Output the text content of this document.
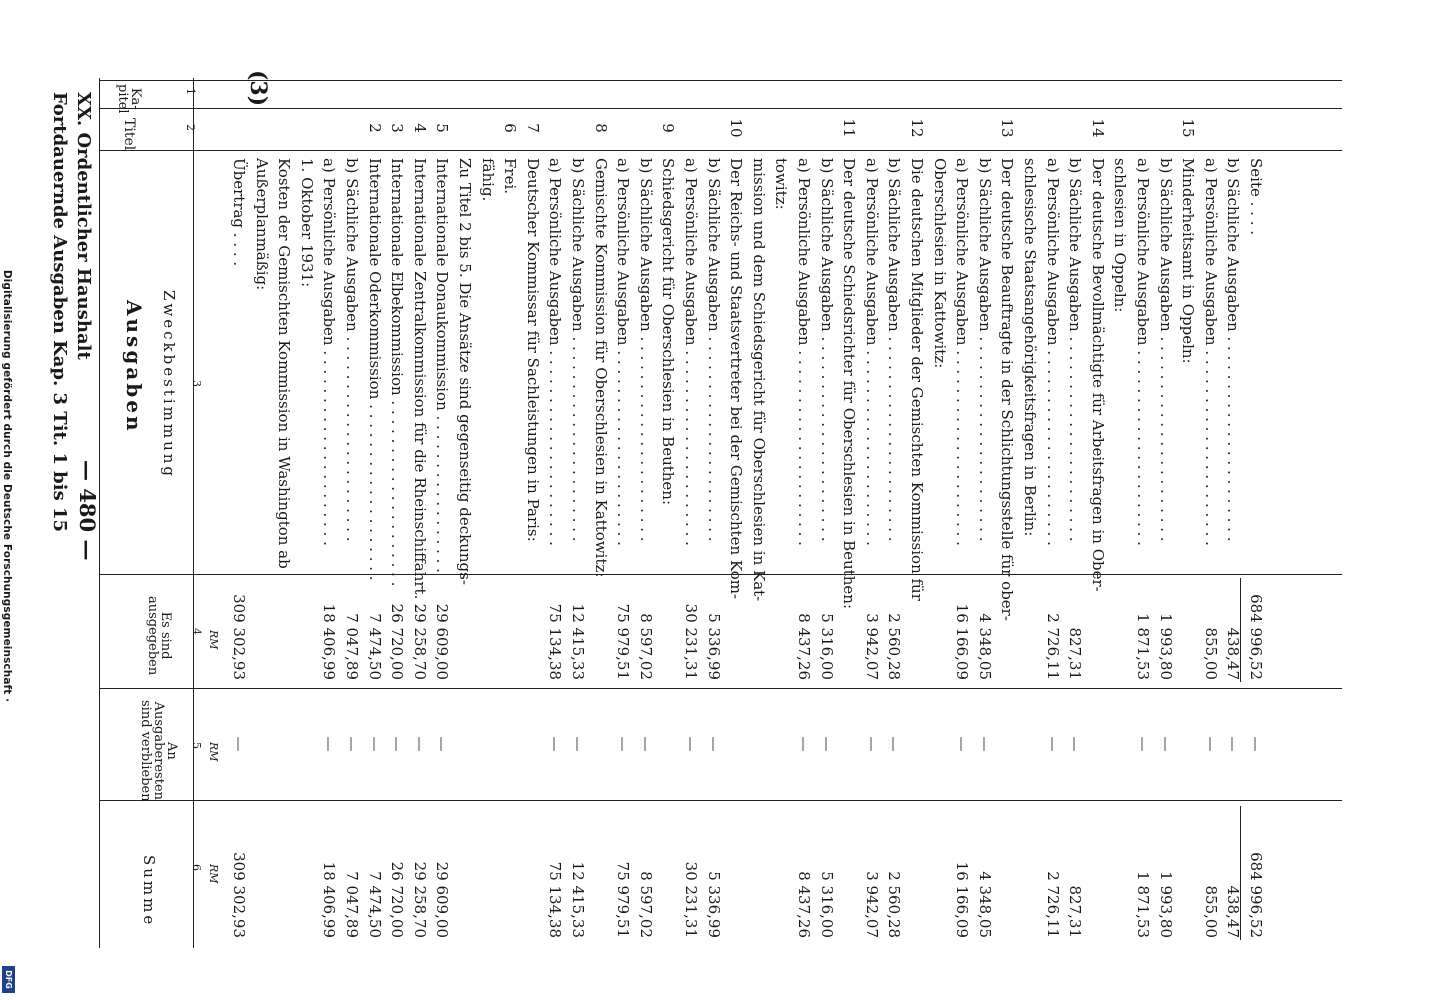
Digitalisierung gefördert durch die Deutsche Forschungsgemeinschaft ·
DFG
— 480 —
XX. Ordentlicher Haushalt
Fortdauernde Ausgaben Kap. 3 Tit. 1 bis 15
(3)
Ka-
pitel
Titel
Ausgaben Zweckbestimmung
Es sind
ausgegeben
An
Ausgaberesten
sind verblieben
Summe
1
2
3
4
5
6
RM
RM
RM
Übertrag . . . .
309 302,93
—
309 302,93
Außerplanmäßig: Kosten der Gemischten Kommission in Washington ab 1. Oktober 1931: a) Persönliche Ausgaben . . . . . . . . . . . . . . . . . . . . .
18 406,99
—
18 406,99
b) Sächliche Ausgaben . . . . . . . . . . . . . . . . . . . . . .
7 047,89
—
7 047,89
2
Internationale Oderkommission . . . . . . . . . . . . . . . . . . .
7 474,50
—
7 474,50
3
Internationale Elbekommission . . . . . . . . . . . . . . . . . . . .
26 720,00
—
26 720,00
4
Internationale Zentralkommission für die Rheinschiffahrt. .
29 258,70
—
29 258,70
5
Internationale Donaukommission . . . . . . . . . . . . . . . . .
29 609,00
—
29 609,00
Zu Titel 2 bis 5. Die Ansätze sind gegenseitig deckungs- fähig.
6
Frei.
7
Deutscher Kommissar für Sachleistungen in Paris: a) Persönliche Ausgaben . . . . . . . . . . . . . . . . . . . . .
75 134,38
—
75 134,38
b) Sächliche Ausgaben . . . . . . . . . . . . . . . . . . . . . .
12 415,33
—
12 415,33
8
Gemischte Kommission für Oberschlesien in Kattowitz: a) Persönliche Ausgaben . . . . . . . . . . . . . . . . . . . . .
75 979,51
—
75 979,51
b) Sächliche Ausgaben . . . . . . . . . . . . . . . . . . . . . .
8 597,02
—
8 597,02
9
Schiedsgericht für Oberschlesien in Beuthen: a) Persönliche Ausgaben . . . . . . . . . . . . . . . . . . . . .
30 231,31
—
30 231,31
b) Sächliche Ausgaben . . . . . . . . . . . . . . . . . . . . . .
5 336,99
—
5 336,99
10
Der Reichs- und Staatsvertreter bei der Gemischten Kom- mission und dem Schiedsgericht für Oberschlesien in Kat- towitz: a) Persönliche Ausgaben . . . . . . . . . . . . . . . . . . . . .
8 437,26
—
8 437,26
b) Sächliche Ausgaben . . . . . . . . . . . . . . . . . . . . . .
5 316,00
—
5 316,00
11
Der deutsche Schiedsrichter für Oberschlesien in Beuthen: a) Persönliche Ausgaben . . . . . . . . . . . . . . . . . . . . .
3 942,07
—
3 942,07
b) Sächliche Ausgaben . . . . . . . . . . . . . . . . . . . . . .
2 560,28
—
2 560,28
12
Die deutschen Mitglieder der Gemischten Kommission für Oberschlesien in Kattowitz: a) Persönliche Ausgaben . . . . . . . . . . . . . . . . . . . . .
16 166,09
—
16 166,09
b) Sächliche Ausgaben . . . . . . . . . . . . . . . . . . . . . .
4 348,05
—
4 348,05
13
Der deutsche Beauftragte in der Schlichtungsstelle für ober- schlesische Staatsangehörigkeitsfragen in Berlin: a) Persönliche Ausgaben . . . . . . . . . . . . . . . . . . . . .
2 726,11
—
2 726,11
b) Sächliche Ausgaben . . . . . . . . . . . . . . . . . . . . . .
827,31
—
827,31
14
Der deutsche Bevollmächtigte für Arbeitsfragen in Ober- schlesien in Oppeln: a) Persönliche Ausgaben . . . . . . . . . . . . . . . . . . . . .
1 871,53
—
1 871,53
b) Sächliche Ausgaben . . . . . . . . . . . . . . . . . . . . . .
1 993,80
—
1 993,80
15
Minderheitsamt in Oppeln: a) Persönliche Ausgaben . . . . . . . . . . . . . . . . . . . . .
855,00
—
855,00
b) Sächliche Ausgaben . . . . . . . . . . . . . . . . . . . . . .
438,47
—
438,47
Seite . . . .
684 996,52
—
684 996,52
